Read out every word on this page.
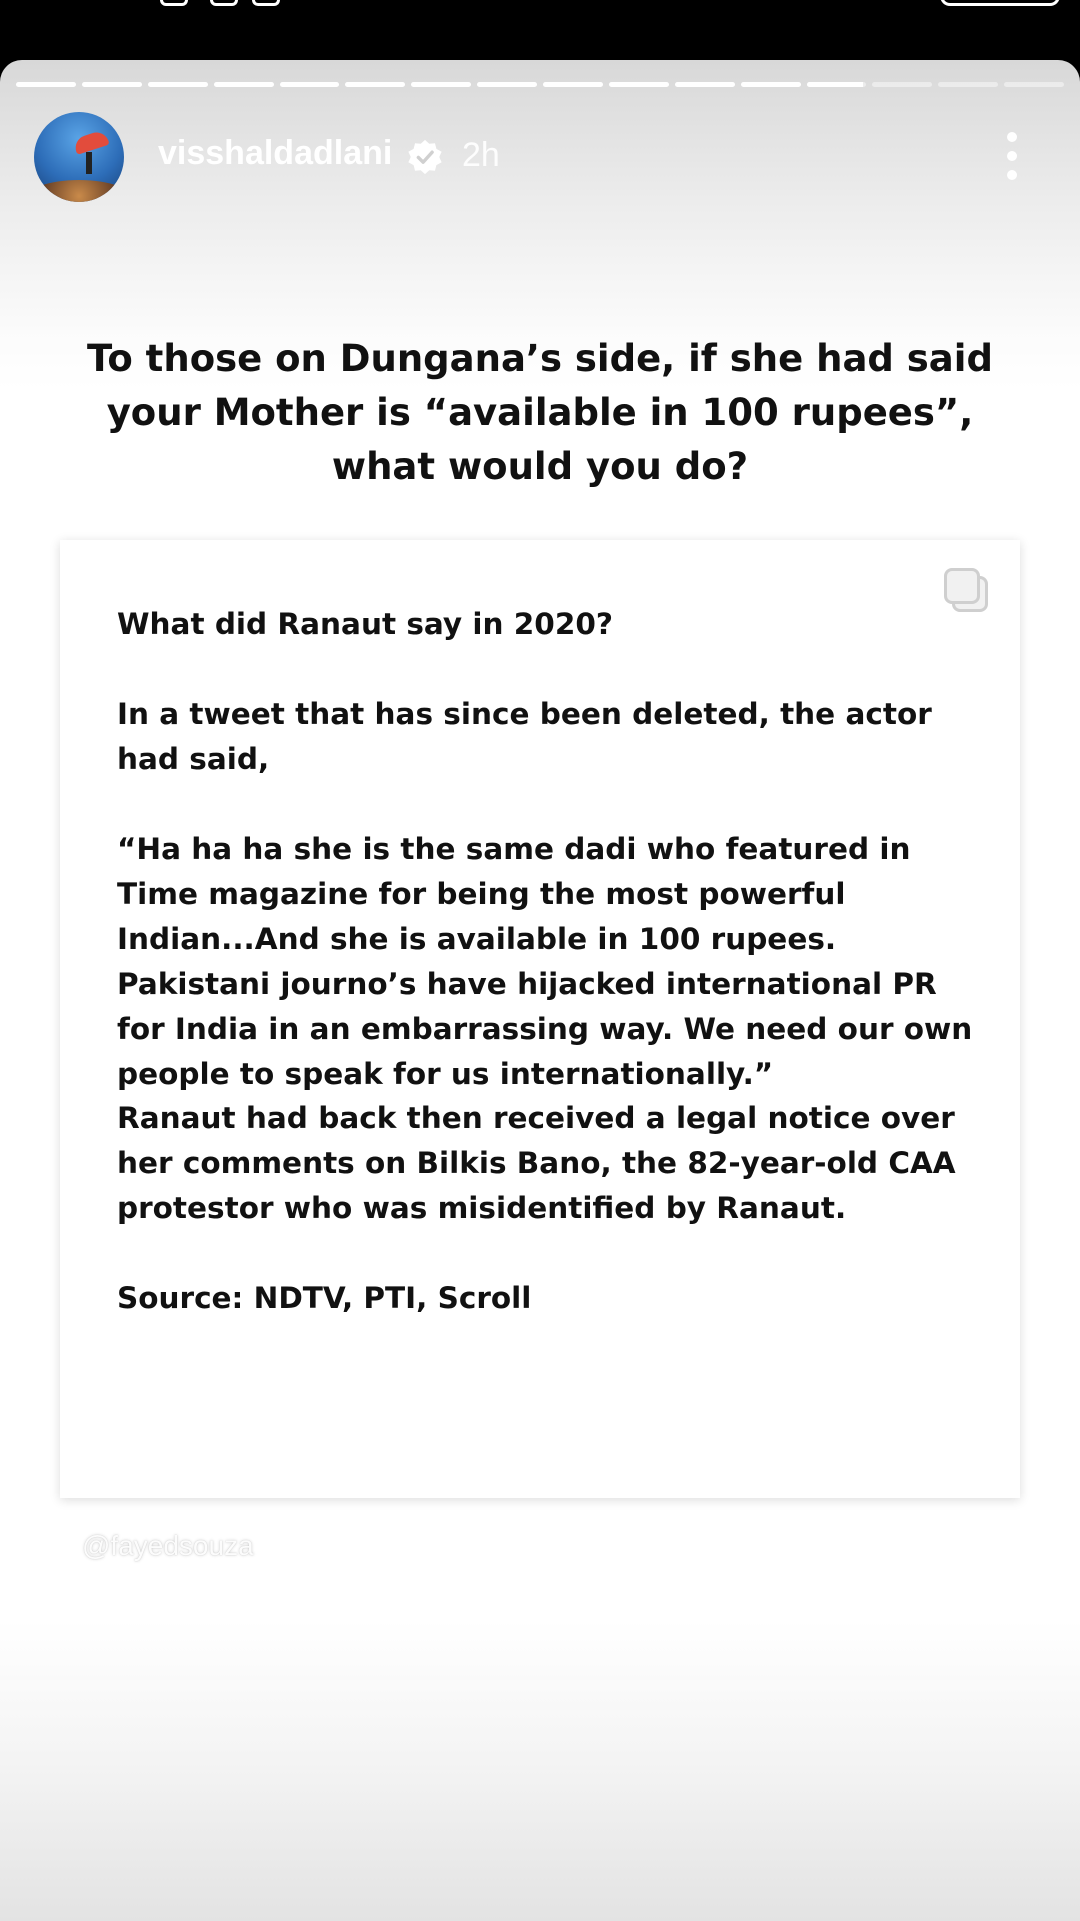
visshaldadlani 2h
To those on Dungana’s side, if she had said your Mother is “available in 100 rupees”, what would you do?

What did Ranaut say in 2020?

In a tweet that has since been deleted, the actor had said,

“Ha ha ha she is the same dadi who featured in Time magazine for being the most powerful Indian...And she is available in 100 rupees. Pakistani journo’s have hijacked international PR for India in an embarrassing way. We need our own people to speak for us internationally.”

Ranaut had back then received a legal notice over her comments on Bilkis Bano, the 82-year-old CAA protestor who was misidentified by Ranaut.

Source: NDTV, PTI, Scroll

@fayedsouza
